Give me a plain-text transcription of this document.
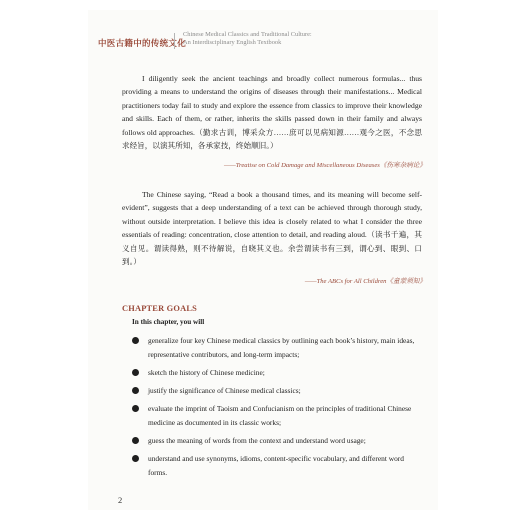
中医古籍中的传统文化
Chinese Medical Classics and Traditional Culture:
An Interdisciplinary English Textbook

I diligently seek the ancient teachings and broadly collect numerous formulas... thus providing a means to understand the origins of diseases through their manifestations... Medical practitioners today fail to study and explore the essence from classics to improve their knowledge and skills. Each of them, or rather, inherits the skills passed down in their family and always follows old approaches.（勤求古训，博采众方……庶可以见病知源……观今之医，不念思求经旨，以演其所知，各承家技，终始顺旧。）

——Treatise on Cold Damage and Miscellaneous Diseases《伤寒杂病论》

The Chinese saying, “Read a book a thousand times, and its meaning will become self-evident”, suggests that a deep understanding of a text can be achieved through thorough study, without outside interpretation. I believe this idea is closely related to what I consider the three essentials of reading: concentration, close attention to detail, and reading aloud.（读书千遍，其义自见。谓读得熟，则不待解说，自晓其义也。余尝谓读书有三到，谓心到、眼到、口到。）

——The ABCs for All Children《童蒙须知》
CHAPTER GOALS
In this chapter, you will
generalize four key Chinese medical classics by outlining each book’s history, main ideas, representative contributors, and long-term impacts;
sketch the history of Chinese medicine;
justify the significance of Chinese medical classics;
evaluate the imprint of Taoism and Confucianism on the principles of traditional Chinese medicine as documented in its classic works;
guess the meaning of words from the context and understand word usage;
understand and use synonyms, idioms, content-specific vocabulary, and different word forms.
2
